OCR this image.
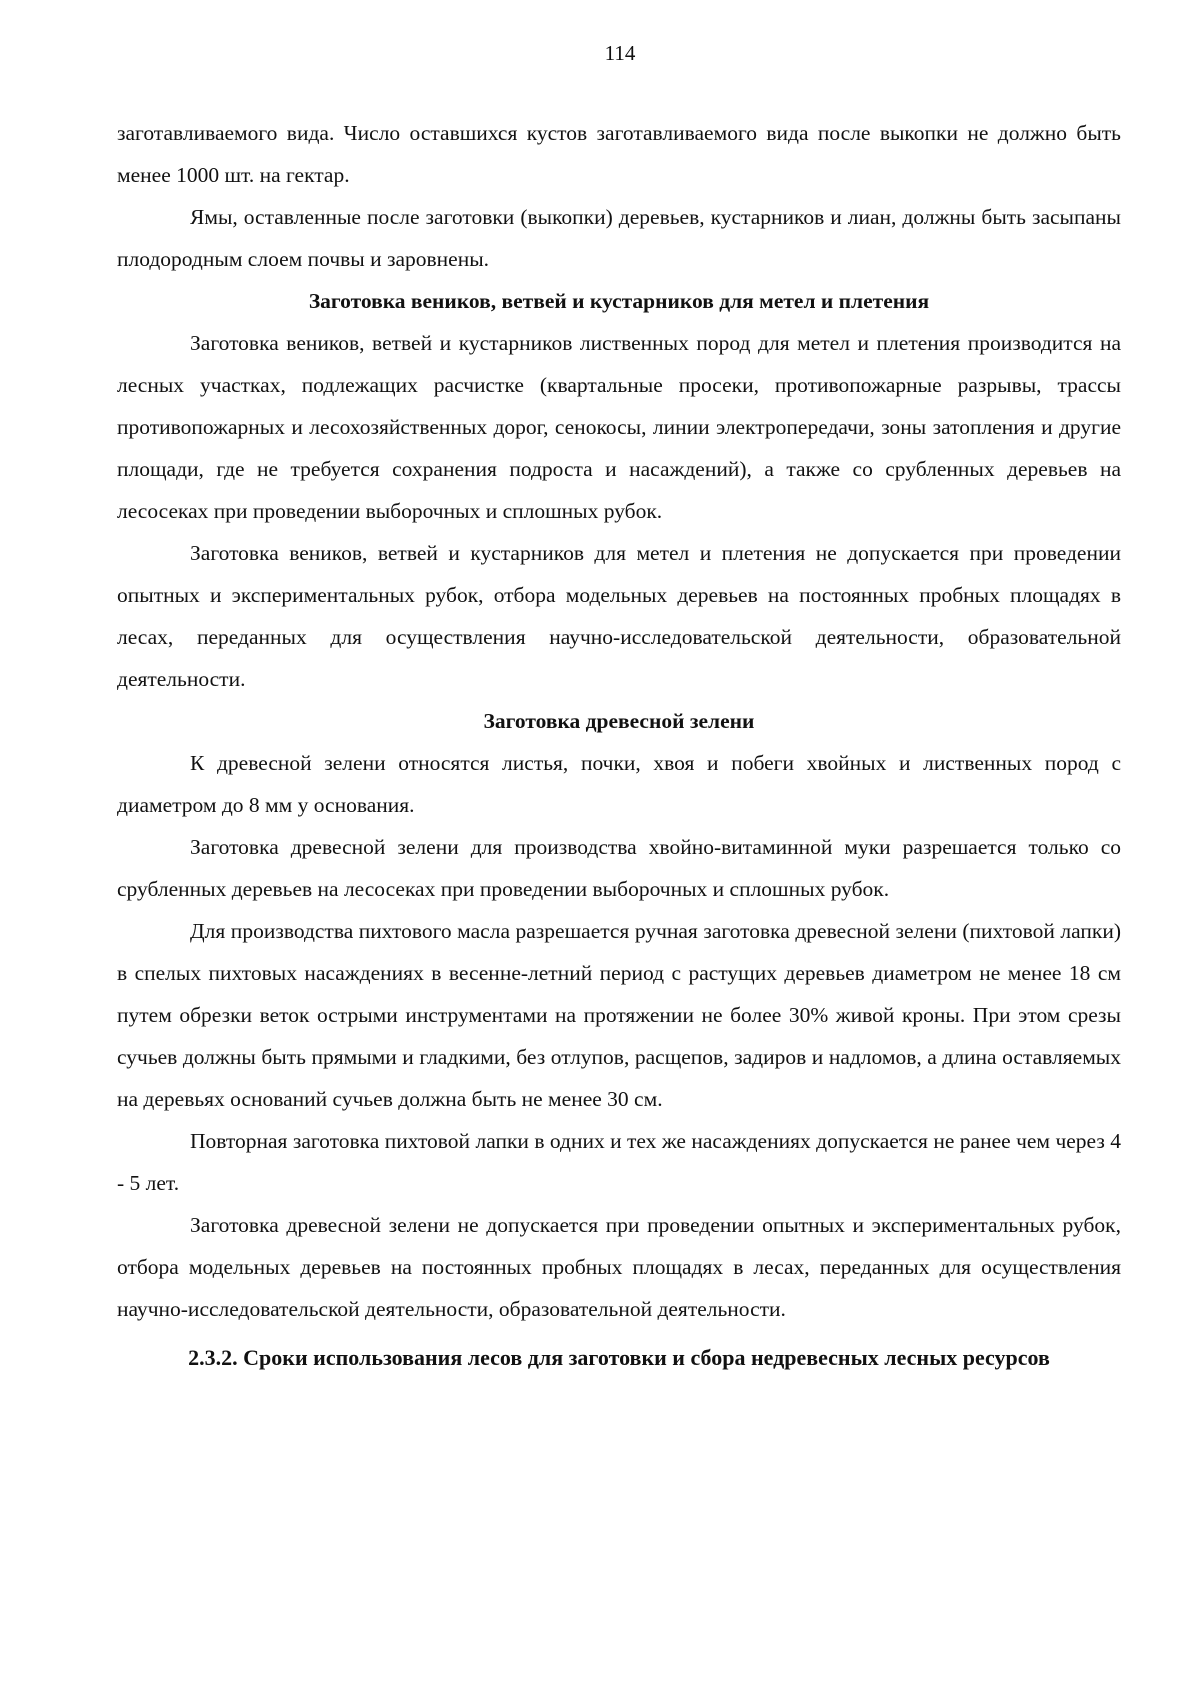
114

заготавливаемого вида. Число оставшихся кустов заготавливаемого вида после выкопки не должно быть менее 1000 шт. на гектар.

Ямы, оставленные после заготовки (выкопки) деревьев, кустарников и лиан, должны быть засыпаны плодородным слоем почвы и заровнены.

Заготовка веников, ветвей и кустарников для метел и плетения

Заготовка веников, ветвей и кустарников лиственных пород для метел и плетения производится на лесных участках, подлежащих расчистке (квартальные просеки, противопожарные разрывы, трассы противопожарных и лесохозяйственных дорог, сенокосы, линии электропередачи, зоны затопления и другие площади, где не требуется сохранения подроста и насаждений), а также со срубленных деревьев на лесосеках при проведении выборочных и сплошных рубок.

Заготовка веников, ветвей и кустарников для метел и плетения не допускается при проведении опытных и экспериментальных рубок, отбора модельных деревьев на постоянных пробных площадях в лесах, переданных для осуществления научно-исследовательской деятельности, образовательной деятельности.

Заготовка древесной зелени

К древесной зелени относятся листья, почки, хвоя и побеги хвойных и лиственных пород с диаметром до 8 мм у основания.

Заготовка древесной зелени для производства хвойно-витаминной муки разрешается только со срубленных деревьев на лесосеках при проведении выборочных и сплошных рубок.

Для производства пихтового масла разрешается ручная заготовка древесной зелени (пихтовой лапки) в спелых пихтовых насаждениях в весенне-летний период с растущих деревьев диаметром не менее 18 см путем обрезки веток острыми инструментами на протяжении не более 30% живой кроны. При этом срезы сучьев должны быть прямыми и гладкими, без отлупов, расщепов, задиров и надломов, а длина оставляемых на деревьях оснований сучьев должна быть не менее 30 см.

Повторная заготовка пихтовой лапки в одних и тех же насаждениях допускается не ранее чем через 4 - 5 лет.

Заготовка древесной зелени не допускается при проведении опытных и экспериментальных рубок, отбора модельных деревьев на постоянных пробных площадях в лесах, переданных для осуществления научно-исследовательской деятельности, образовательной деятельности.

2.3.2. Сроки использования лесов для заготовки и сбора недревесных лесных ресурсов
